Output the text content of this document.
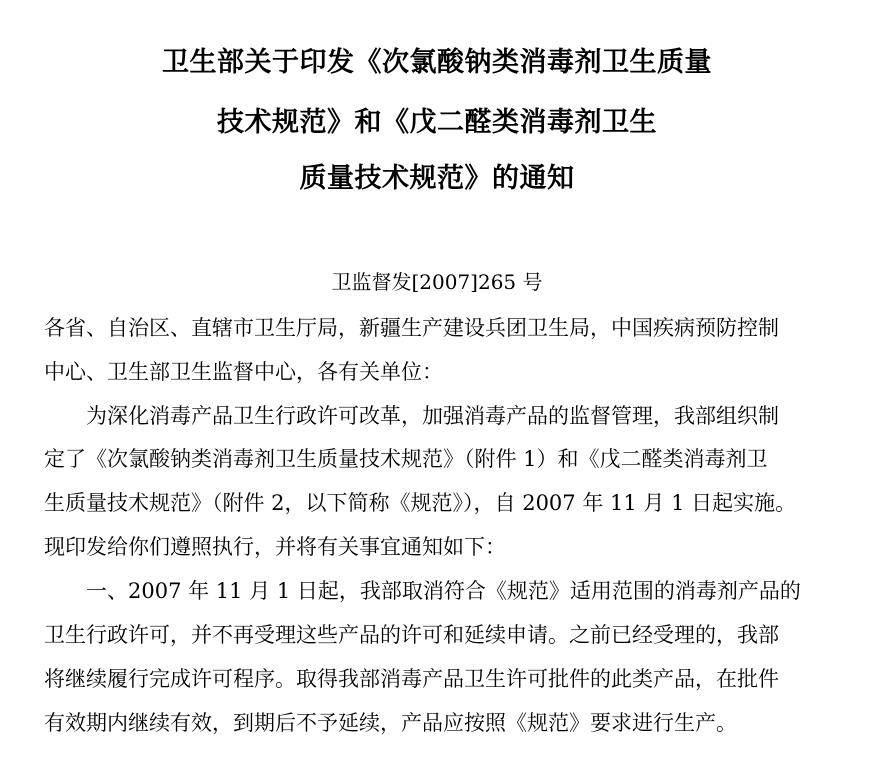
卫生部关于印发《次氯酸钠类消毒剂卫生质量
技术规范》和《戊二醛类消毒剂卫生
质量技术规范》的通知
卫监督发[2007]265 号
各省、自治区、直辖市卫生厅局，新疆生产建设兵团卫生局，中国疾病预防控制
中心、卫生部卫生监督中心，各有关单位：
为深化消毒产品卫生行政许可改革，加强消毒产品的监督管理，我部组织制
定了《次氯酸钠类消毒剂卫生质量技术规范》（附件 1）和《戊二醛类消毒剂卫
生质量技术规范》（附件 2，以下简称《规范》），自 2007 年 11 月 1 日起实施。
现印发给你们遵照执行，并将有关事宜通知如下：
一、2007 年 11 月 1 日起，我部取消符合《规范》适用范围的消毒剂产品的
卫生行政许可，并不再受理这些产品的许可和延续申请。之前已经受理的，我部
将继续履行完成许可程序。取得我部消毒产品卫生许可批件的此类产品，在批件
有效期内继续有效，到期后不予延续，产品应按照《规范》要求进行生产。
